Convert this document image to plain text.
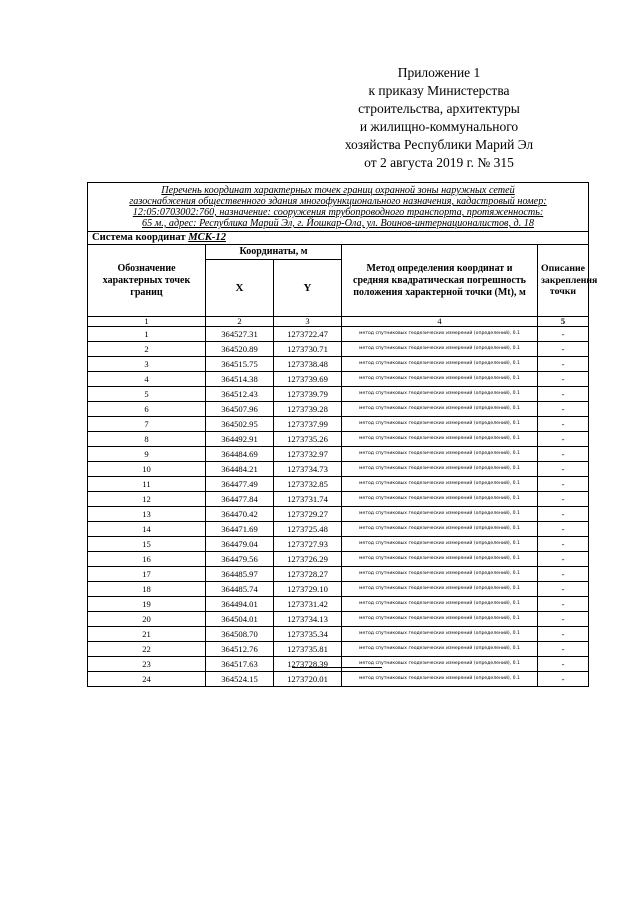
Приложение 1
к приказу Министерства
строительства, архитектуры
и жилищно-коммунального
хозяйства Республики Марий Эл
от 2 августа 2019 г. № 315
Перечень координат характерных точек границ охранной зоны наружных сетей
газоснабжения общественного здания многофункционального назначения, кадастровый номер:
12:05:0703002:760, назначение: сооружения трубопроводного транспорта, протяженность:
65 м., адрес: Республика Марий Эл, г. Йошкар-Ола, ул. Воинов-интернационалистов, д. 18				

Система координат МСК-12				
Обозначение характерных точек границ	Координаты, м		Метод определения координат и средняя квадратическая погрешность положения характерной точки (Mt), м	Описание закрепления точки
	X	Y		
1	2	3	4	5
1	364527.31	1273722.47	метод спутниковых геодезических измерений (определений), 0.1	-
2	364520.89	1273730.71	метод спутниковых геодезических измерений (определений), 0.1	-
3	364515.75	1273738.48	метод спутниковых геодезических измерений (определений), 0.1	-
4	364514.38	1273739.69	метод спутниковых геодезических измерений (определений), 0.1	-
5	364512.43	1273739.79	метод спутниковых геодезических измерений (определений), 0.1	-
6	364507.96	1273739.28	метод спутниковых геодезических измерений (определений), 0.1	-
7	364502.95	1273737.99	метод спутниковых геодезических измерений (определений), 0.1	-
8	364492.91	1273735.26	метод спутниковых геодезических измерений (определений), 0.1	-
9	364484.69	1273732.97	метод спутниковых геодезических измерений (определений), 0.1	-
10	364484.21	1273734.73	метод спутниковых геодезических измерений (определений), 0.1	-
11	364477.49	1273732.85	метод спутниковых геодезических измерений (определений), 0.1	-
12	364477.84	1273731.74	метод спутниковых геодезических измерений (определений), 0.1	-
13	364470.42	1273729.27	метод спутниковых геодезических измерений (определений), 0.1	-
14	364471.69	1273725.48	метод спутниковых геодезических измерений (определений), 0.1	-
15	364479.04	1273727.93	метод спутниковых геодезических измерений (определений), 0.1	-
16	364479.56	1273726.29	метод спутниковых геодезических измерений (определений), 0.1	-
17	364485.97	1273728.27	метод спутниковых геодезических измерений (определений), 0.1	-
18	364485.74	1273729.10	метод спутниковых геодезических измерений (определений), 0.1	-
19	364494.01	1273731.42	метод спутниковых геодезических измерений (определений), 0.1	-
20	364504.01	1273734.13	метод спутниковых геодезических измерений (определений), 0.1	-
21	364508.70	1273735.34	метод спутниковых геодезических измерений (определений), 0.1	-
22	364512.76	1273735.81	метод спутниковых геодезических измерений (определений), 0.1	-
23	364517.63	1273728.39	метод спутниковых геодезических измерений (определений), 0.1	-
24	364524.15	1273720.01	метод спутниковых геодезических измерений (определений), 0.1	-
